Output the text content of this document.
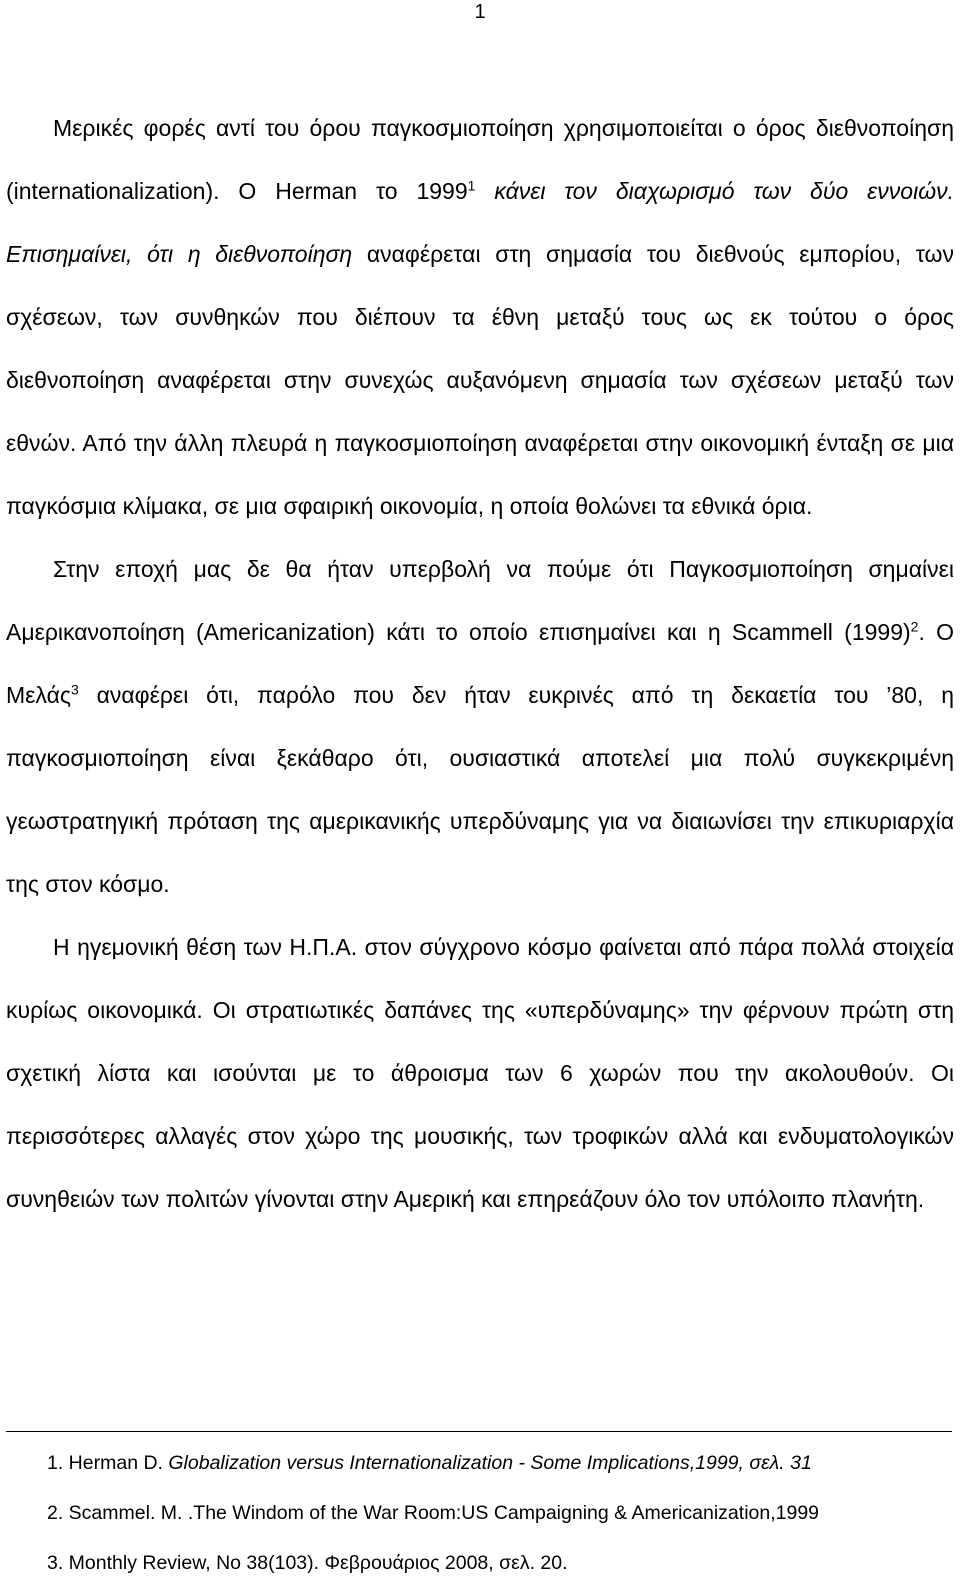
1

Μερικές φορές αντί του όρου παγκοσμιοποίηση χρησιμοποιείται ο όρος διεθνοποίηση (internationalization). Ο Herman το 1999$^1$ κάνει τον διαχωρισμό των δύο εννοιών. Επισημαίνει, ότι η διεθνοποίηση αναφέρεται στη σημασία του διεθνούς εμπορίου, των σχέσεων, των συνθηκών που διέπουν τα έθνη μεταξύ τους ως εκ τούτου ο όρος διεθνοποίηση αναφέρεται στην συνεχώς αυξανόμενη σημασία των σχέσεων μεταξύ των εθνών. Από την άλλη πλευρά η παγκοσμιοποίηση αναφέρεται στην οικονομική ένταξη σε μια παγκόσμια κλίμακα, σε μια σφαιρική οικονομία, η οποία θολώνει τα εθνικά όρια.

Στην εποχή μας δε θα ήταν υπερβολή να πούμε ότι Παγκοσμιοποίηση σημαίνει Αμερικανοποίηση (Americanization) κάτι το οποίο επισημαίνει και η Scammell $(1999)^2$. Ο Μελάς$^3$ αναφέρει ότι, παρόλο που δεν ήταν ευκρινές από τη δεκαετία του ’80, η παγκοσμιοποίηση είναι ξεκάθαρο ότι, ουσιαστικά αποτελεί μια πολύ συγκεκριμένη γεωστρατηγική πρόταση της αμερικανικής υπερδύναμης για να διαιωνίσει την επικυριαρχία της στον κόσμο.

Η ηγεμονική θέση των Η.Π.Α. στον σύγχρονο κόσμο φαίνεται από πάρα πολλά στοιχεία κυρίως οικονομικά. Οι στρατιωτικές δαπάνες της «υπερδύναμης» την φέρνουν πρώτη στη σχετική λίστα και ισούνται με το άθροισμα των 6 χωρών που την ακολουθούν. Οι περισσότερες αλλαγές στον χώρο της μουσικής, των τροφικών αλλά και ενδυματολογικών συνηθειών των πολιτών γίνονται στην Αμερική και επηρεάζουν όλο τον υπόλοιπο πλανήτη.

1. Herman D. Globalization versus Internationalization - Some Implications,1999, σελ. 31
2. Scammel. M. .The Windom of the War Room:US Campaigning & Americanization,1999
3. Monthly Review, No 38(103). Φεβρουάριος 2008, σελ. 20.
